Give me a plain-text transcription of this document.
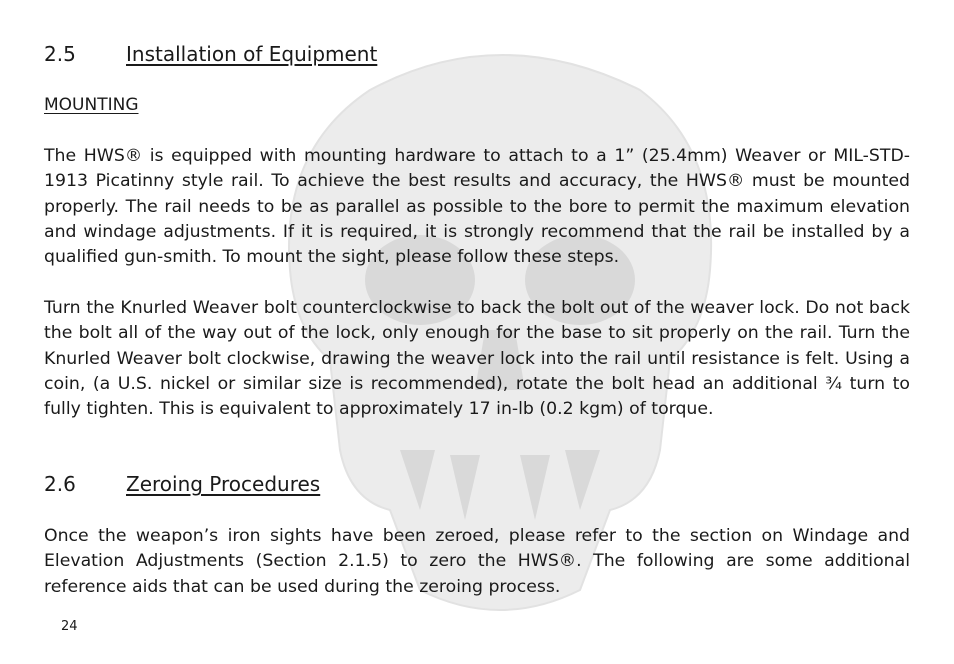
2.5	Installation of Equipment
MOUNTING

The HWS® is equipped with mounting hardware to attach to a 1” (25.4mm) Weaver or MIL-STD-1913 Picatinny style rail. To achieve the best results and accuracy, the HWS® must be mounted properly. The rail needs to be as parallel as possible to the bore to permit the maximum elevation and windage adjustments. If it is required, it is strongly recommend that the rail be installed by a qualified gun-smith. To mount the sight, please follow these steps.

Turn the Knurled Weaver bolt counterclockwise to back the bolt out of the weaver lock. Do not back the bolt all of the way out of the lock, only enough for the base to sit properly on the rail. Turn the Knurled Weaver bolt clockwise, drawing the weaver lock into the rail until resistance is felt. Using a coin, (a U.S. nickel or similar size is recommended), rotate the bolt head an additional ¾ turn to fully tighten. This is equivalent to approximately 17 in-lb (0.2 kgm) of torque.

2.6	Zeroing Procedures

Once the weapon’s iron sights have been zeroed, please refer to the section on Windage and Elevation Adjustments (Section 2.1.5) to zero the HWS®. The following are some additional reference aids that can be used during the zeroing process.

24
